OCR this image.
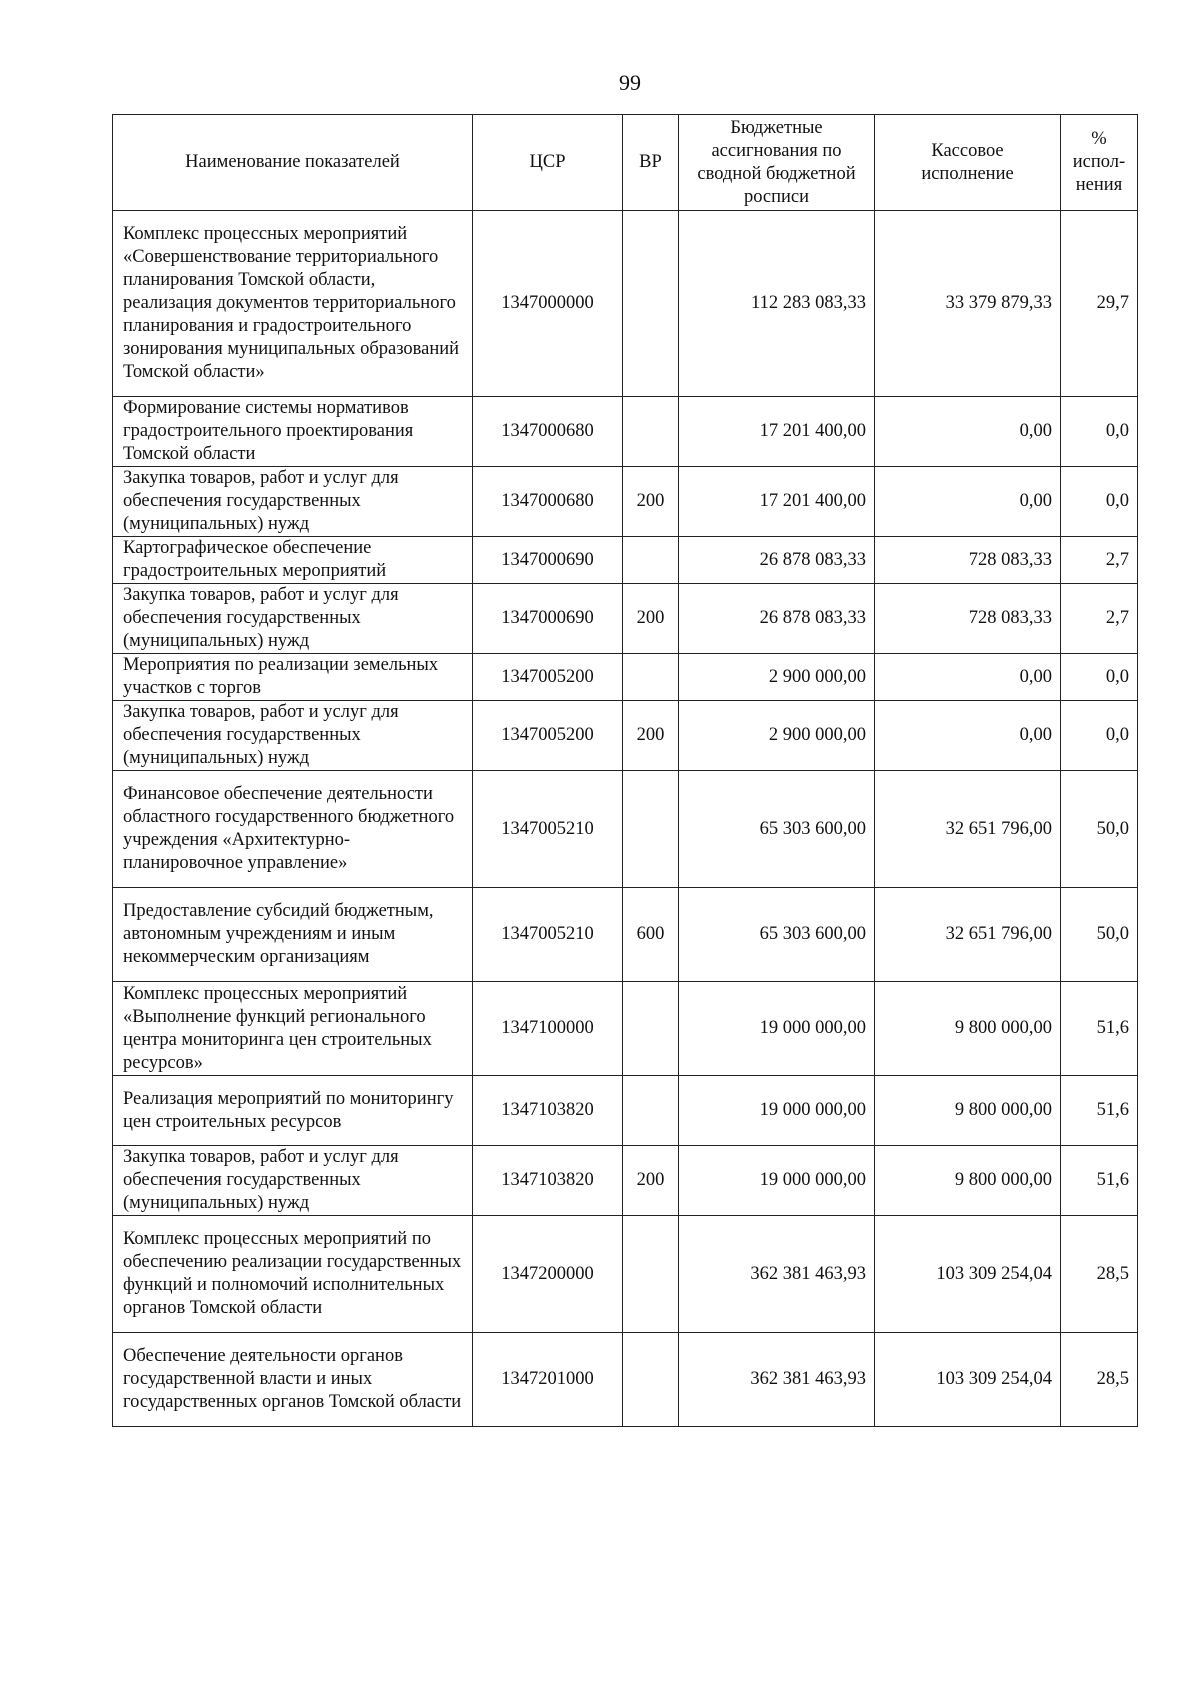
99
Наименование показателей	ЦСР	ВР	Бюджетные ассигнования по сводной бюджетной росписи	Кассовое исполнение	% испол-нения
Комплекс процессных мероприятий «Совершенствование территориального планирования Томской области, реализация документов территориального планирования и градостроительного зонирования муниципальных образований Томской области»	1347000000		112 283 083,33	33 379 879,33	29,7
Формирование системы нормативов градостроительного проектирования Томской области	1347000680		17 201 400,00	0,00	0,0
Закупка товаров, работ и услуг для обеспечения государственных (муниципальных) нужд	1347000680	200	17 201 400,00	0,00	0,0
Картографическое обеспечение градостроительных мероприятий	1347000690		26 878 083,33	728 083,33	2,7
Закупка товаров, работ и услуг для обеспечения государственных (муниципальных) нужд	1347000690	200	26 878 083,33	728 083,33	2,7
Мероприятия по реализации земельных участков с торгов	1347005200		2 900 000,00	0,00	0,0
Закупка товаров, работ и услуг для обеспечения государственных (муниципальных) нужд	1347005200	200	2 900 000,00	0,00	0,0
Финансовое обеспечение деятельности областного государственного бюджетного учреждения «Архитектурно-планировочное управление»	1347005210		65 303 600,00	32 651 796,00	50,0
Предоставление субсидий бюджетным, автономным учреждениям и иным некоммерческим организациям	1347005210	600	65 303 600,00	32 651 796,00	50,0
Комплекс процессных мероприятий «Выполнение функций регионального центра мониторинга цен строительных ресурсов»	1347100000		19 000 000,00	9 800 000,00	51,6
Реализация мероприятий по мониторингу цен строительных ресурсов	1347103820		19 000 000,00	9 800 000,00	51,6
Закупка товаров, работ и услуг для обеспечения государственных (муниципальных) нужд	1347103820	200	19 000 000,00	9 800 000,00	51,6
Комплекс процессных мероприятий по обеспечению реализации государственных функций и полномочий исполнительных органов Томской области	1347200000		362 381 463,93	103 309 254,04	28,5
Обеспечение деятельности органов государственной власти и иных государственных органов Томской области	1347201000		362 381 463,93	103 309 254,04	28,5
